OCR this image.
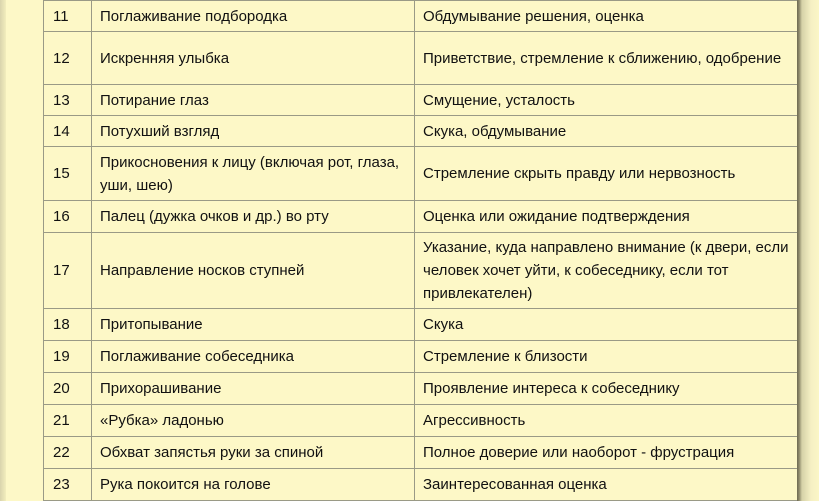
11	Поглаживание подбородка	Обдумывание решения, оценка
12	Искренняя улыбка	Приветствие, стремление к сближению, одобрение
13	Потирание глаз	Смущение, усталость
14	Потухший взгляд	Скука, обдумывание
15	Прикосновения к лицу (включая рот, глаза, уши, шею)	Стремление скрыть правду или нервозность
16	Палец (дужка очков и др.) во рту	Оценка или ожидание подтверждения
17	Направление носков ступней	Указание, куда направлено внимание (к двери, если человек хочет уйти, к собеседнику, если тот привлекателен)
18	Притопывание	Скука
19	Поглаживание собеседника	Стремление к близости
20	Прихорашивание	Проявление интереса к собеседнику
21	«Рубка» ладонью	Агрессивность
22	Обхват запястья руки за спиной	Полное доверие или наоборот - фрустрация
23	Рука покоится на голове	Заинтересованная оценка
